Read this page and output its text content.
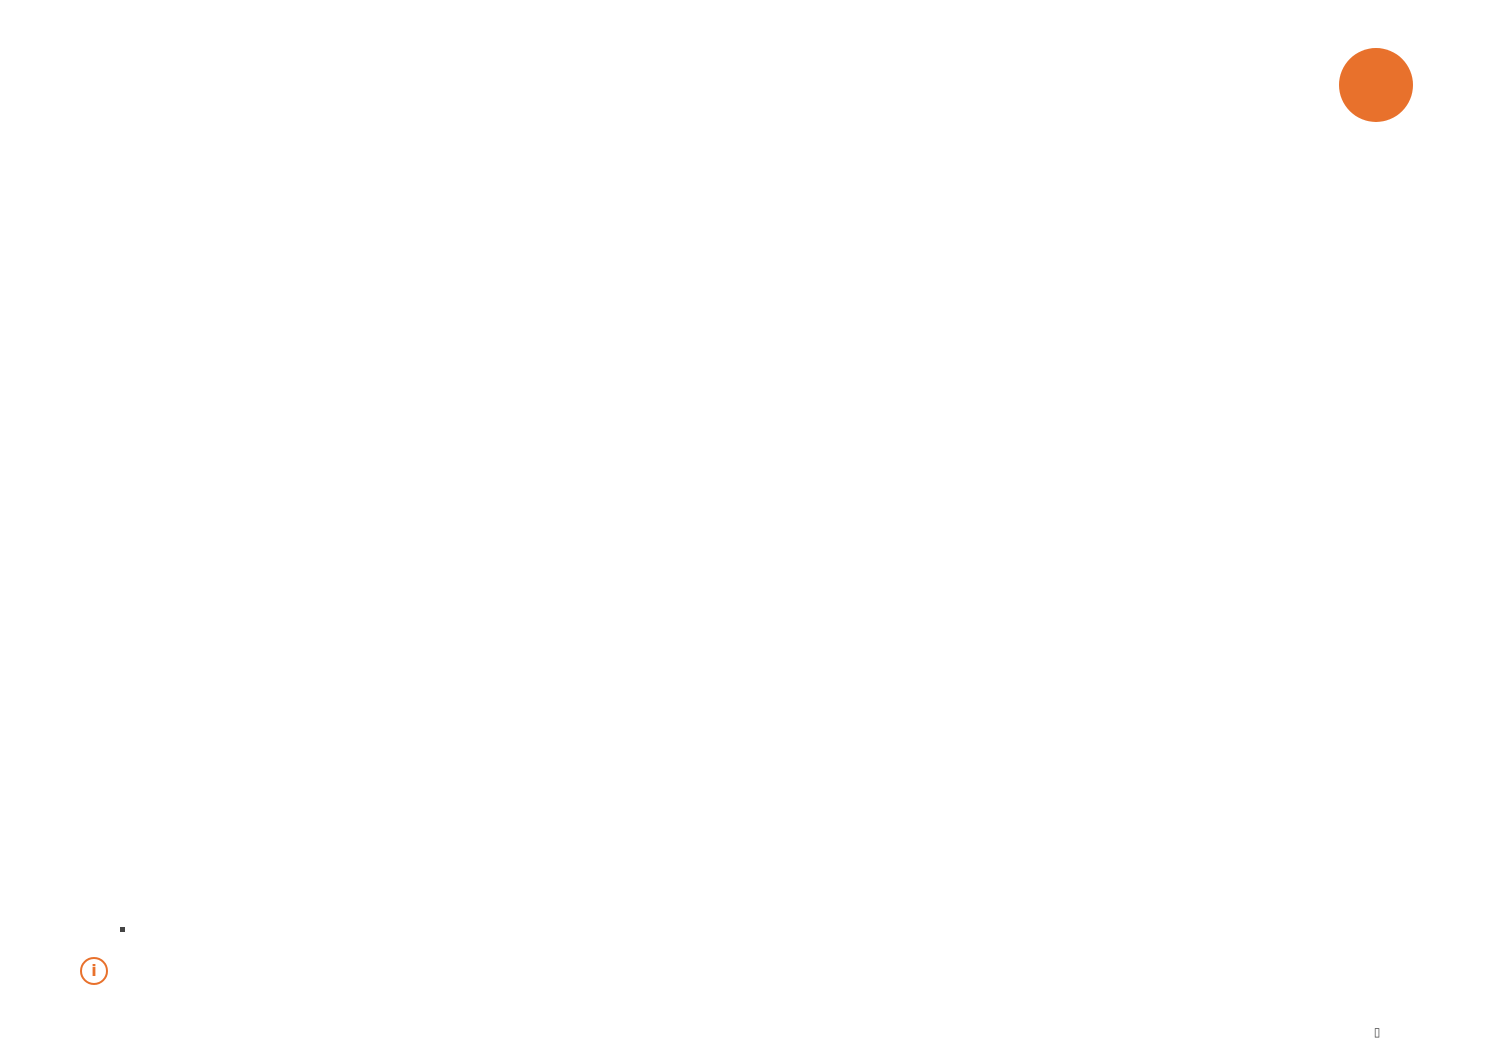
i
▯
